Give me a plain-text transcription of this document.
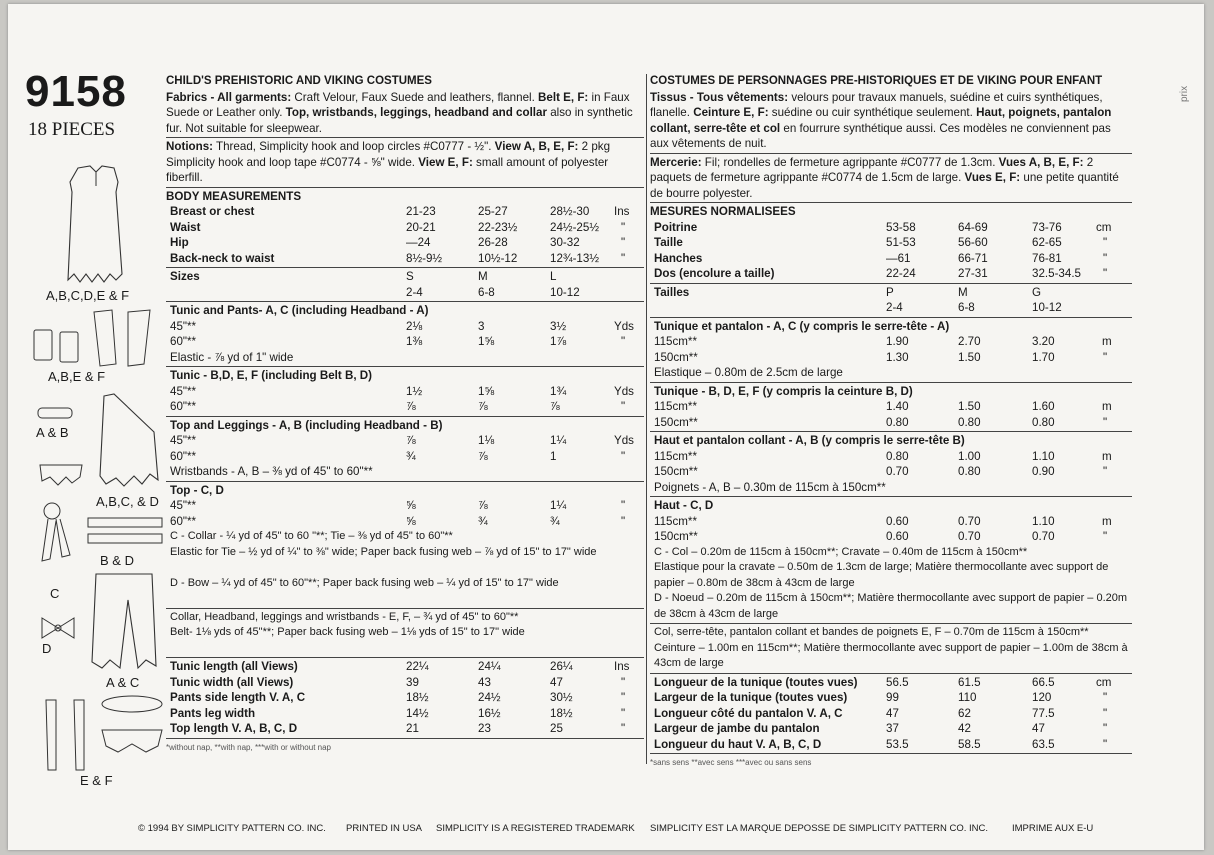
9158
18 PIECES
prix
A,B,C,D,E & F
A,B,E & F
A & B
A,B,C, & D
C
B & D
D
A & C
E & F
CHILD'S PREHISTORIC AND VIKING COSTUMES
Fabrics - All garments: Craft Velour, Faux Suede and leathers, flannel. Belt E, F: in Faux Suede or Leather only. Top, wristbands, leggings, headband and collar also in synthetic fur. Not suitable for sleepwear.
Notions: Thread, Simplicity hook and loop circles #C0777 - ½". View A, B, E, F: 2 pkg Simplicity hook and loop tape #C0774 - ⅝" wide. View E, F: small amount of polyester fiberfill.
BODY MEASUREMENTS
Breast or chest	21-23	25-27	28½-30 Ins
Waist	20-21	22-23½	24½-25½ "
Hip	—24	26-28	30-32	"
Back-neck to waist	8½-9½	10½-12	12¾-13½ "
Sizes	S	M	L
2-4	6-8	10-12
Tunic and Pants- A, C (including Headband - A)
45"**	2⅛	3	3½	Yds
60"**	1⅜	1⅝	1⅞	"
Elastic - ⅞ yd of 1" wide
Tunic - B,D, E, F (including Belt B, D)
45"**	1½	1⅝	1¾	Yds
60"**	⅞	⅞	⅞	"
Top and Leggings - A, B (including Headband - B)
45"**	⅞	1⅛	1¼	Yds
60"**	¾	⅞	1	"
Wristbands - A, B – ⅜ yd of 45" to 60"**
Top - C, D
45"**	⅝	⅞	1¼	"
60"**	⅝	¾	¾	"
C - Collar - ¼ yd of 45" to 60 "**; Tie – ⅜ yd of 45" to 60"**
Elastic for Tie – ½ yd of ¼" to ⅜" wide; Paper back fusing web – ⅞ yd of 15" to 17" wide
D - Bow – ¼ yd of 45" to 60"**; Paper back fusing web – ¼ yd of 15" to 17" wide
Collar, Headband, leggings and wristbands - E, F, – ¾ yd of 45" to 60"**
Belt- 1⅛ yds of 45"**; Paper back fusing web – 1⅛ yds of 15" to 17" wide
Tunic length (all Views)	22¼	24¼	26¼	Ins
Tunic width (all Views)	39	43	47	"
Pants side length V. A, C	18½	24½	30½	"
Pants leg width	14½	16½	18½	"
Top length V. A, B, C, D	21	23	25	"
*without nap, **with nap, ***with or without nap
COSTUMES DE PERSONNAGES PRE-HISTORIQUES ET DE VIKING POUR ENFANT
Tissus - Tous vêtements: velours pour travaux manuels, suédine et cuirs synthétiques, flanelle. Ceinture E, F: suédine ou cuir synthétique seulement. Haut, poignets, pantalon collant, serre-tête et col en fourrure synthétique aussi. Ces modèles ne conviennent pas aux vêtements de nuit.
Mercerie: Fil; rondelles de fermeture agrippante #C0777 de 1.3cm. Vues A, B, E, F: 2 paquets de fermeture agrippante #C0774 de 1.5cm de large. Vues E, F: une petite quantité de bourre polyester.
MESURES NORMALISEES
Poitrine	53-58	64-69	73-76	cm
Taille	51-53	56-60	62-65	"
Hanches	—61	66-71	76-81	"
Dos (encolure a taille)	22-24	27-31	32.5-34.5 "
Tailles	P	M	G
2-4	6-8	10-12
Tunique et pantalon - A, C (y compris le serre-tête - A)
115cm**	1.90	2.70	3.20	m
150cm**	1.30	1.50	1.70	"
Elastique – 0.80m de 2.5cm de large
Tunique - B, D, E, F (y compris la ceinture B, D)
115cm**	1.40	1.50	1.60	m
150cm**	0.80	0.80	0.80	"
Haut et pantalon collant - A, B (y compris le serre-tête B)
115cm**	0.80	1.00	1.10	m
150cm**	0.70	0.80	0.90	"
Poignets - A, B – 0.30m de 115cm à 150cm**
Haut - C, D
115cm**	0.60	0.70	1.10	m
150cm**	0.60	0.70	0.70	"
C - Col – 0.20m de 115cm à 150cm**; Cravate – 0.40m de 115cm à 150cm**
Elastique pour la cravate – 0.50m de 1.3cm de large; Matière thermocollante avec support de papier – 0.80m de 38cm à 43cm de large
D - Noeud – 0.20m de 115cm à 150cm**; Matière thermocollante avec support de papier – 0.20m de 38cm à 43cm de large
Col, serre-tête, pantalon collant et bandes de poignets E, F – 0.70m de 115cm à 150cm**
Ceinture – 1.00m en 115cm**; Matière thermocollante avec support de papier – 1.00m de 38cm à 43cm de large
Longueur de la tunique (toutes vues) 56.5	61.5	66.5	cm
Largeur de la tunique (toutes vues)	99	110	120	"
Longueur côté du pantalon V. A, C	47	62	77.5	"
Largeur de jambe du pantalon	37	42	47	"
Longueur du haut V. A, B, C, D	53.5	58.5	63.5	"
*sans sens **avec sens ***avec ou sans sens
© 1994 BY SIMPLICITY PATTERN CO. INC. PRINTED IN USA SIMPLICITY IS A REGISTERED TRADEMARK SIMPLICITY EST LA MARQUE DEPOSSE DE SIMPLICITY PATTERN CO. INC.	IMPRIME AUX E-U
